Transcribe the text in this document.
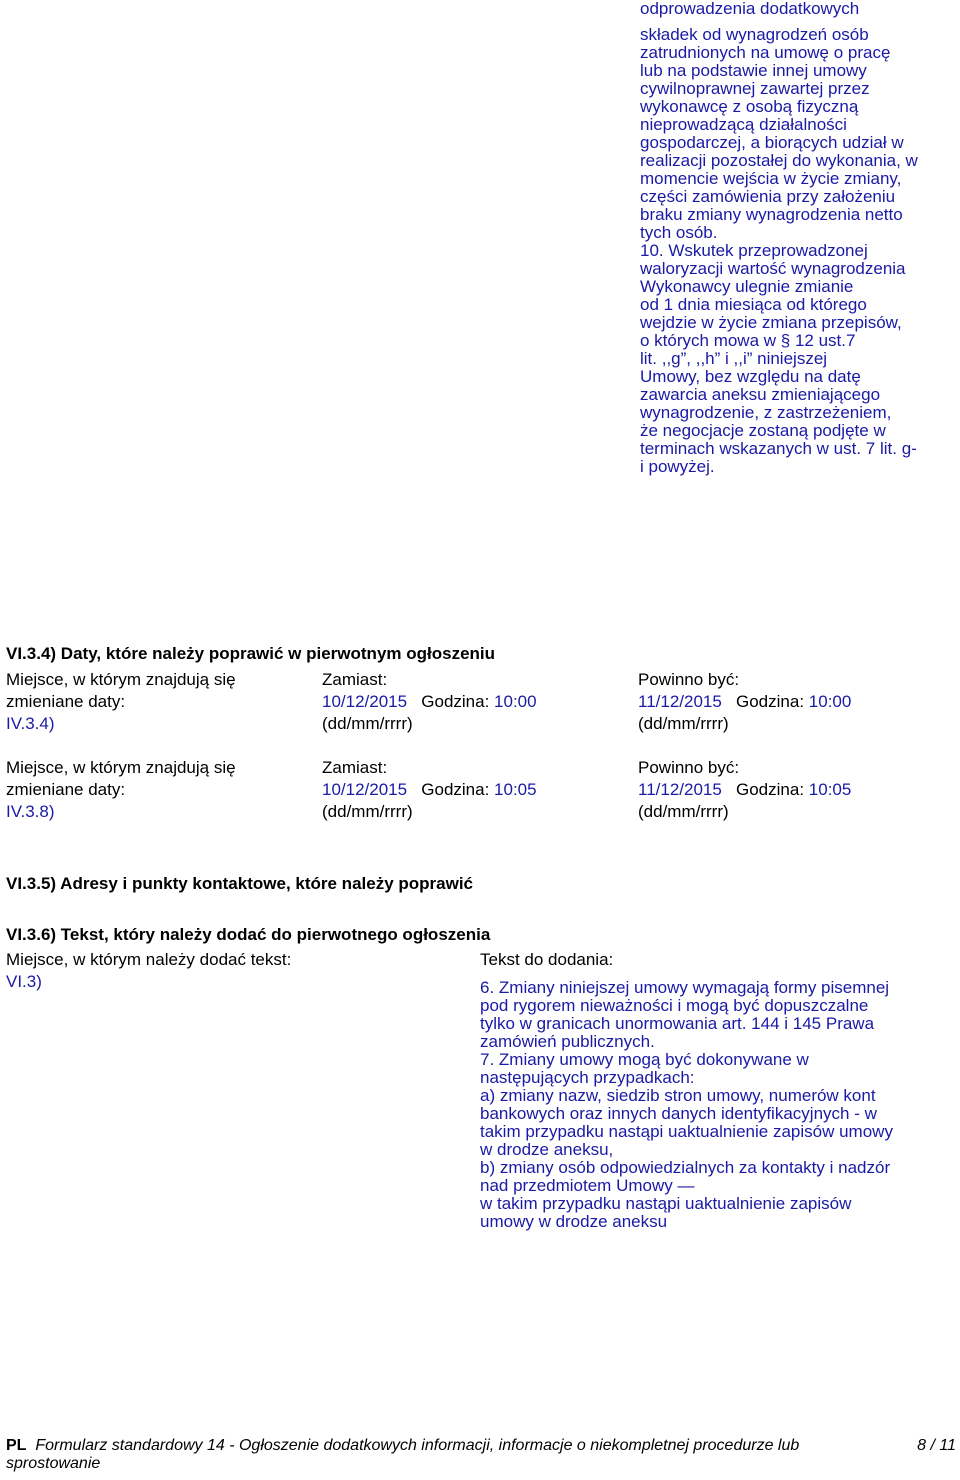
odprowadzenia dodatkowych

składek od wynagrodzeń osób
zatrudnionych na umowę o pracę
lub na podstawie innej umowy
cywilnoprawnej zawartej przez
wykonawcę z osobą fizyczną
nieprowadzącą działalności
gospodarczej, a biorących udział w
realizacji pozostałej do wykonania, w
momencie wejścia w życie zmiany,
części zamówienia przy założeniu
braku zmiany wynagrodzenia netto
tych osób.
10. Wskutek przeprowadzonej
waloryzacji wartość wynagrodzenia
Wykonawcy ulegnie zmianie
od 1 dnia miesiąca od którego
wejdzie w życie zmiana przepisów,
o których mowa w § 12 ust.7
lit. ,,g”, ,,h” i ,,i” niniejszej
Umowy, bez względu na datę
zawarcia aneksu zmieniającego
wynagrodzenie, z zastrzeżeniem,
że negocjacje zostaną podjęte w
terminach wskazanych w ust. 7 lit. g-
i powyżej.

VI.3.4) Daty, które należy poprawić w pierwotnym ogłoszeniu
Miejsce, w którym znajdują się
zmieniane daty:
IV.3.4)
Zamiast:
10/12/2015 Godzina: 10:00
(dd/mm/rrrr)
Powinno być:
11/12/2015 Godzina: 10:00
(dd/mm/rrrr)
Miejsce, w którym znajdują się
zmieniane daty:
IV.3.8)
Zamiast:
10/12/2015 Godzina: 10:05
(dd/mm/rrrr)
Powinno być:
11/12/2015 Godzina: 10:05
(dd/mm/rrrr)
VI.3.5) Adresy i punkty kontaktowe, które należy poprawić
VI.3.6) Tekst, który należy dodać do pierwotnego ogłoszenia
Miejsce, w którym należy dodać tekst:
VI.3)
Tekst do dodania:
6. Zmiany niniejszej umowy wymagają formy pisemnej
pod rygorem nieważności i mogą być dopuszczalne
tylko w granicach unormowania art. 144 i 145 Prawa
zamówień publicznych.
7. Zmiany umowy mogą być dokonywane w
następujących przypadkach:
a) zmiany nazw, siedzib stron umowy, numerów kont
bankowych oraz innych danych identyfikacyjnych - w
takim przypadku nastąpi uaktualnienie zapisów umowy
w drodze aneksu,
b) zmiany osób odpowiedzialnych za kontakty i nadzór
nad przedmiotem Umowy —
w takim przypadku nastąpi uaktualnienie zapisów
umowy w drodze aneksu
PL Formularz standardowy 14 - Ogłoszenie dodatkowych informacji, informacje o niekompletnej procedurze lub
sprostowanie
8 / 11
